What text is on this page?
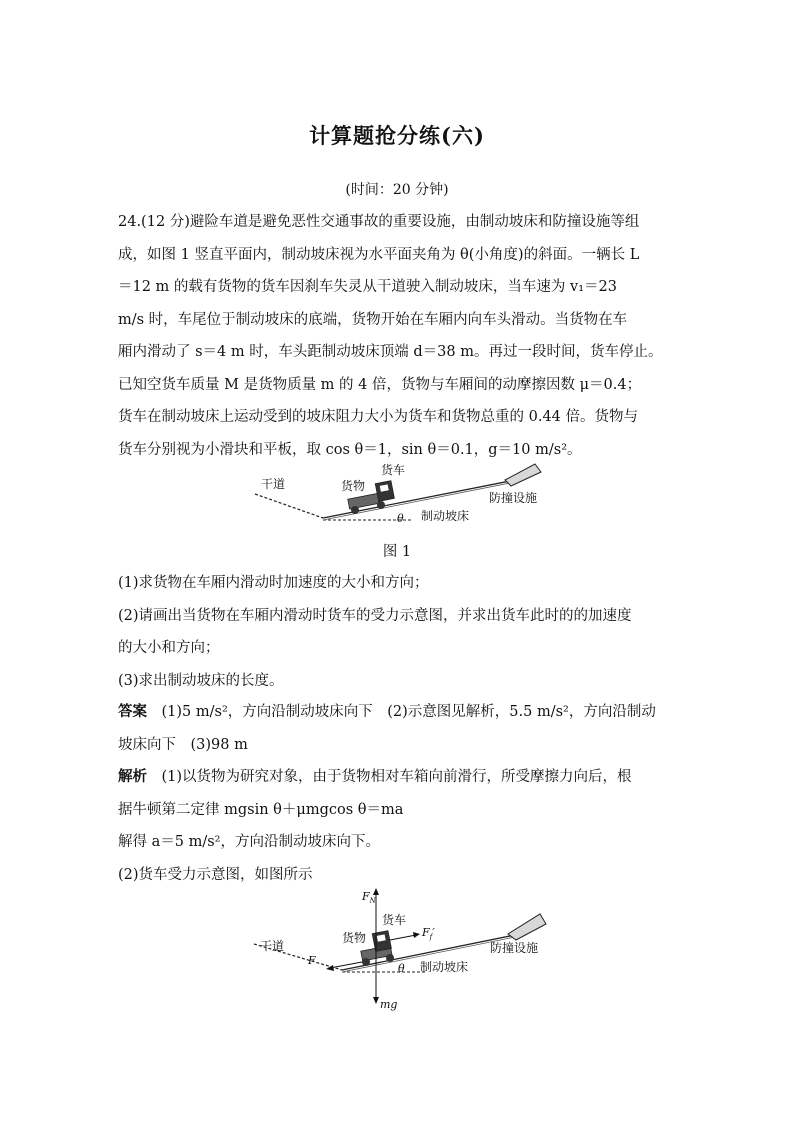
计算题抢分练(六)
(时间：20 分钟)
24.(12 分)避险车道是避免恶性交通事故的重要设施，由制动坡床和防撞设施等组
成，如图 1 竖直平面内，制动坡床视为水平面夹角为 θ(小角度)的斜面。一辆长 L
＝12 m 的载有货物的货车因刹车失灵从干道驶入制动坡床，当车速为 v₁＝23
m/s 时，车尾位于制动坡床的底端，货物开始在车厢内向车头滑动。当货物在车
厢内滑动了 s＝4 m 时，车头距制动坡床顶端 d＝38 m。再过一段时间，货车停止。
已知空货车质量 M 是货物质量 m 的 4 倍，货物与车厢间的动摩擦因数 μ＝0.4；
货车在制动坡床上运动受到的坡床阻力大小为货车和货物总重的 0.44 倍。货物与
货车分别视为小滑块和平板，取 cos θ＝1，sin θ＝0.1，g＝10 m/s²。
干道	货物
货车
防撞设施
制动坡床
θ
图 1
(1)求货物在车厢内滑动时加速度的大小和方向；
(2)请画出当货物在车厢内滑动时货车的受力示意图，并求出货车此时的的加速度
的大小和方向；
(3)求出制动坡床的长度。
答案　 (1)5 m/s²，方向沿制动坡床向下　(2)示意图见解析，5.5 m/s²，方向沿制动
坡床向下　(3)98 m
解析　 (1)以货物为研究对象，由于货物相对车箱向前滑行，所受摩擦力向后，根
据牛顿第二定律 mgsin θ＋μmgcos θ＝ma
解得 a＝5 m/s²，方向沿制动坡床向下。
(2)货车受力示意图，如图所示
$F_N$
$F_f'$
F
mg
干道
货物
货车
防撞设施
制动坡床
θ
